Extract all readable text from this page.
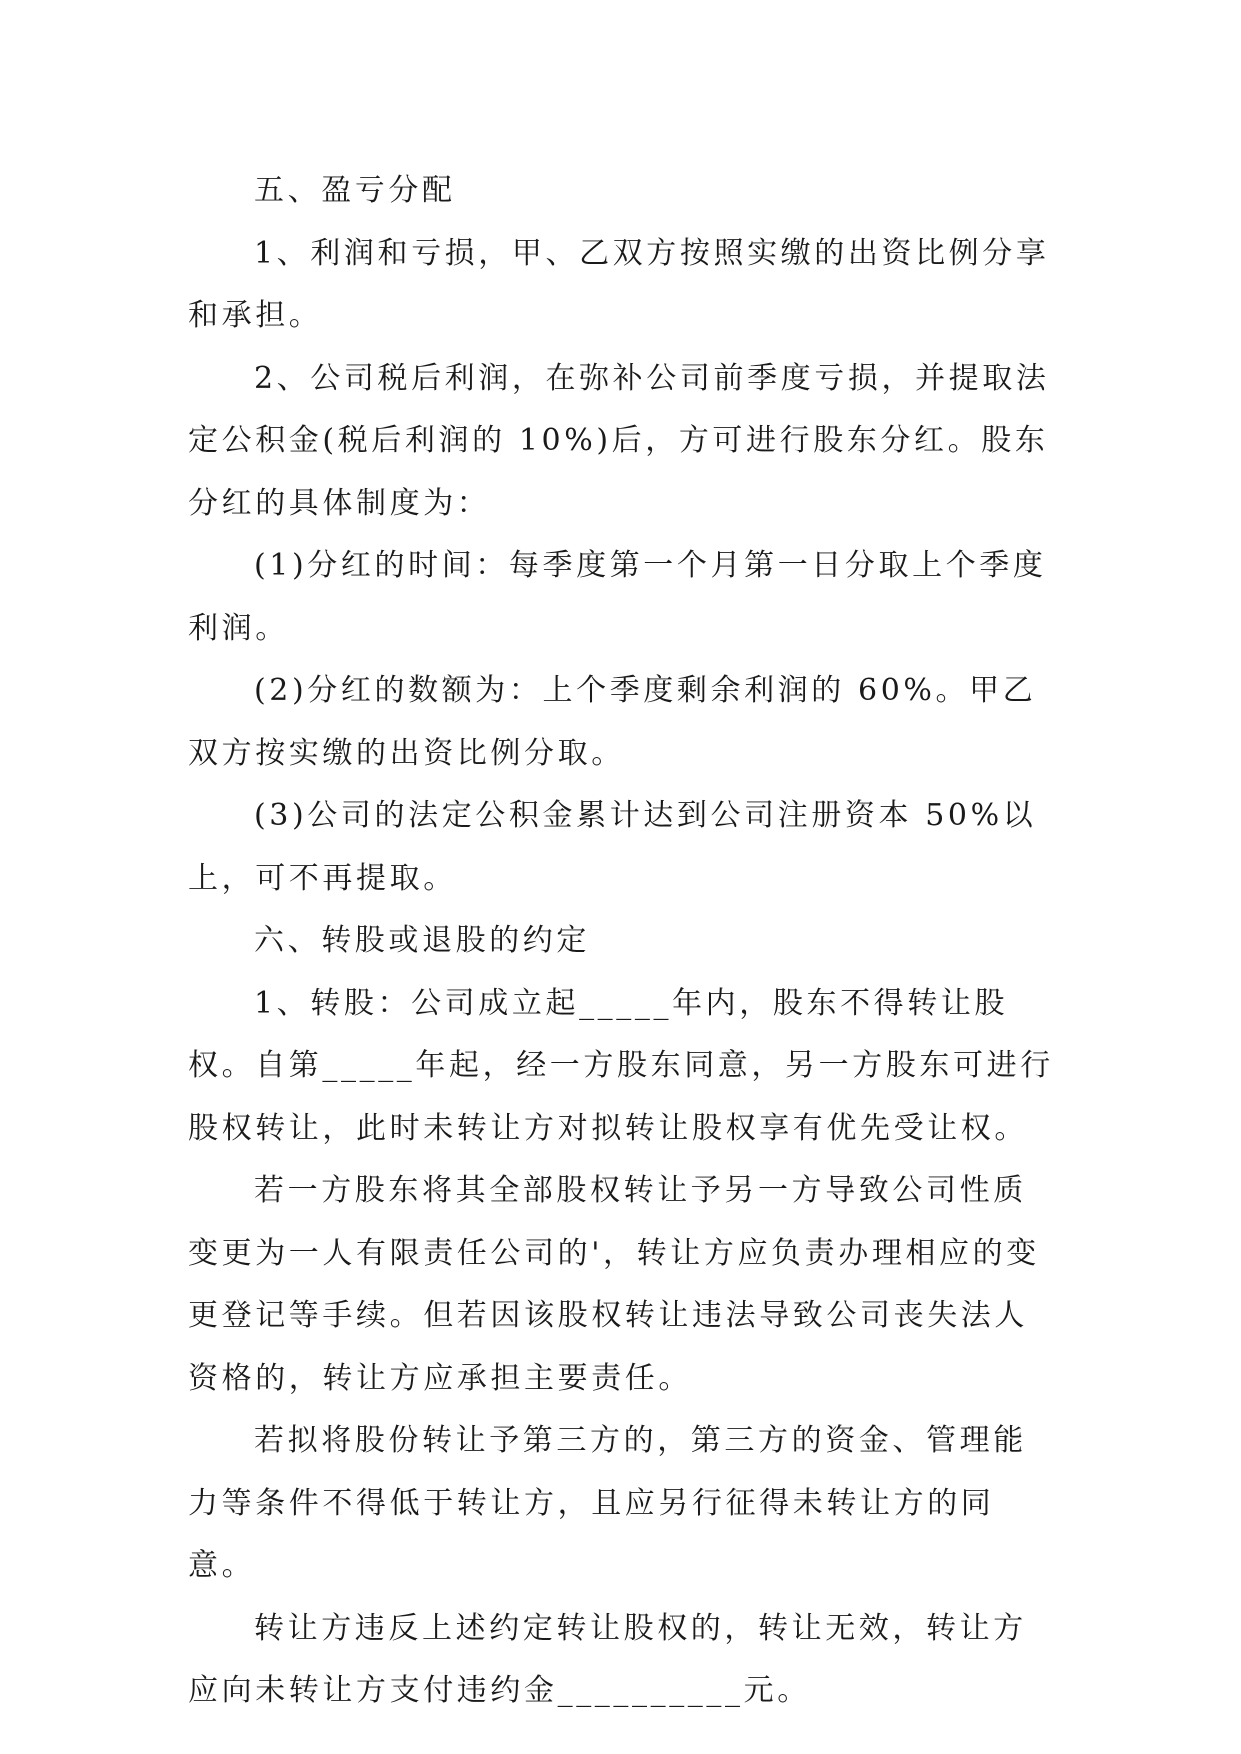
五、盈亏分配

1、利润和亏损，甲、乙双方按照实缴的出资比例分享和承担。

2、公司税后利润，在弥补公司前季度亏损，并提取法定公积金(税后利润的 10%)后，方可进行股东分红。股东分红的具体制度为：

(1)分红的时间：每季度第一个月第一日分取上个季度利润。

(2)分红的数额为：上个季度剩余利润的 60%。甲乙双方按实缴的出资比例分取。

(3)公司的法定公积金累计达到公司注册资本 50%以上，可不再提取。

六、转股或退股的约定

1、转股：公司成立起_____年内，股东不得转让股权。自第_____年起，经一方股东同意，另一方股东可进行股权转让，此时未转让方对拟转让股权享有优先受让权。

若一方股东将其全部股权转让予另一方导致公司性质变更为一人有限责任公司的'，转让方应负责办理相应的变更登记等手续。但若因该股权转让违法导致公司丧失法人资格的，转让方应承担主要责任。

若拟将股份转让予第三方的，第三方的资金、管理能力等条件不得低于转让方，且应另行征得未转让方的同意。

转让方违反上述约定转让股权的，转让无效，转让方应向未转让方支付违约金__________元。
